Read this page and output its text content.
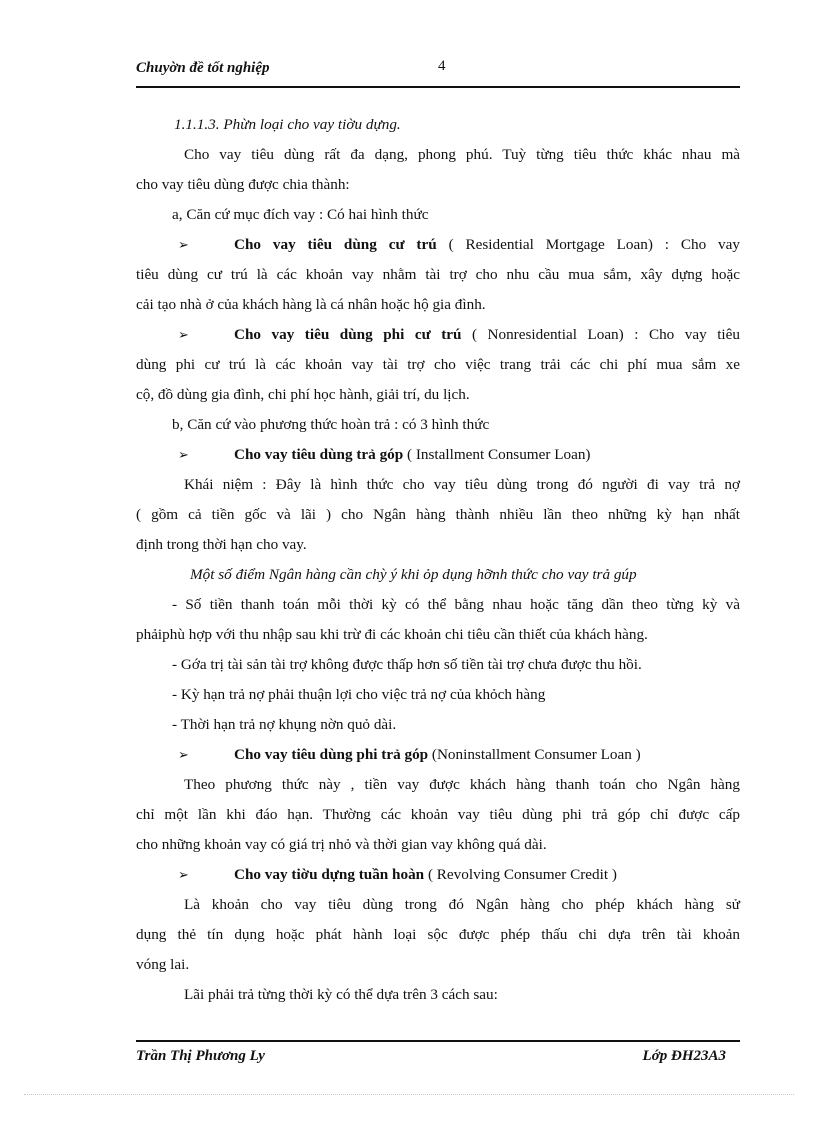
Chuyờn đề tốt nghiệp	4
1.1.1.3. Phừn loại cho vay tiờu dựng.
Cho vay tiêu dùng rất đa dạng, phong phú. Tuỳ từng tiêu thức khác nhau mà
cho vay tiêu dùng được chia thành:
a, Căn cứ mục đích vay : Có hai hình thức
➢	Cho vay tiêu dùng cư trú ( Residential Mortgage Loan) : Cho vay
tiêu dùng cư trú là các khoản vay nhằm tài trợ cho nhu cầu mua sắm, xây dựng hoặc
cải tạo nhà ở của khách hàng là cá nhân hoặc hộ gia đình.
➢	Cho vay tiêu dùng phi cư trú ( Nonresidential Loan) : Cho vay tiêu
dùng phi cư trú là các khoản vay tài trợ cho việc trang trải các chi phí mua sắm xe
cộ, đồ dùng gia đình, chi phí học hành, giải trí, du lịch.
b, Căn cứ vào phương thức hoàn trả : có 3 hình thức
➢	Cho vay tiêu dùng trả góp ( Installment Consumer Loan)
Khái niệm : Đây là hình thức cho vay tiêu dùng trong đó người đi vay trả nợ
( gồm cả tiền gốc và lãi ) cho Ngân hàng thành nhiều lần theo những kỳ hạn nhất
định trong thời hạn cho vay.
Một số điểm Ngân hàng cần chỳ ý khi ỏp dụng hỡnh thức cho vay trả gúp
- Số tiền thanh toán mỗi thời kỳ có thể bằng nhau hoặc tăng dần theo từng kỳ và
phảiphù hợp với thu nhập sau khi trừ đi các khoản chi tiêu cần thiết của khách hàng.
- Gớa trị tài sản tài trợ không được thấp hơn số tiền tài trợ chưa được thu hồi.
- Kỳ hạn trả nợ phải thuận lợi cho việc trả nợ của khỏch hàng
- Thời hạn trả nợ khụng nờn quỏ dài.
➢	Cho vay tiêu dùng phi trả góp (Noninstallment Consumer Loan )
Theo phương thức này , tiền vay được khách hàng thanh toán cho Ngân hàng
chỉ một lần khi đáo hạn. Thường các khoản vay tiêu dùng phi trả góp chỉ được cấp
cho những khoản vay có giá trị nhỏ và thời gian vay không quá dài.
➢	Cho vay tiờu dựng tuần hoàn ( Revolving Consumer Credit )
Là khoản cho vay tiêu dùng trong đó Ngân hàng cho phép khách hàng sử
dụng thẻ tín dụng hoặc phát hành loại sộc được phép thấu chi dựa trên tài khoản
vóng lai.
Lãi phải trả từng thời kỳ có thể dựa trên 3 cách sau:
Trần Thị Phương Ly	Lớp ĐH23A3
